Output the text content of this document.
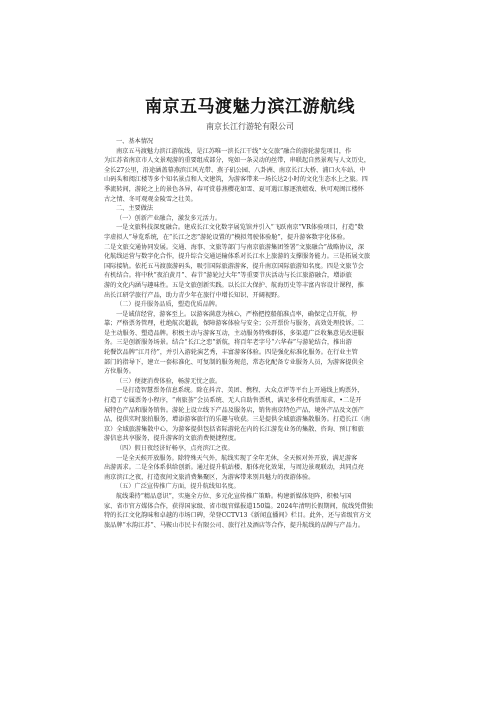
南京五马渡魅力滨江游航线
南京长江行游轮有限公司
一、基本情况
南京五马渡魅力滨江游航线，是江苏唯一滨长江干线“文交旅”融合的游轮游览项目，作
为江苏省南京市人文景观游的重要组成部分，宛如一条灵动的丝带，串联起自然景观与人文历史，
全长27公里，沿途涵盖幕燕滨江风光带、燕子矶公园、八卦洲、南京长江大桥、浦口火车站、中
山码头和阅江楼等多个知名景点和人文建筑，为游客带来一场长达2小时的文化生态水上之旅。四
季流转间，游轮之上的景色各异，春可赏暮燕樱花如雪、夏可遇江豚逐浪嬉戏、秋可观闽江楼怀
古之情、冬可观观金陵雪之壮美。
二、主要做法
（一）创新产业融合，激发多元活力。
一是文旅科技深度融合。建成长江文化数字展览馆并引入“飞跃南京”VR体验项目，打造“数
字虚拟人”导览系统，在“长江之恋”游轮设置的“模拟驾驶体验舱”，提升游客数字化体验。
二是文旅交通协同发展。交通、海事、文旅等部门与南京旅游集团签署“文旅融合”战略协议，深
化航线运营与数字化合作，提升综合交通运输体系对长江水上旅游的支撑服务能力。三是拓展文旅
国际接轨。依托五马渡旅游码头，吸引国际旅游游客，提升南京国际旅游知名度。四是文旅节会
有机结合。将中秋“夜泊黄月”、春节“游轮过大年”等重要节庆活动与长江旅游融合，增添旅
游的文化内涵与趣味性。五是文旅创新实践。以长江大保护、航海历史等丰富内容设计课程，推
出长江研学旅行产品，助力青少年在旅行中增长知识、开阔视野。
（二）提升服务品质，塑造优质品牌。
一是诚信经营，游客至上。以游客满意为核心，严格把控船舶准点率，确保定点开航，停
靠；严格票务管理，杜绝航次超载，保障游客体验与安全；公开票价与服务，高效处理投诉。二
是主动服务、塑造品牌。积极主动与游客互动，主动服务特殊群体，多渠道广泛收集意见改进服
务。三是创新服务场景。结合“长江之恋”新航，将百年老字号“六华春”与游轮结合，推出游
轮餐饮品牌“江月待”，并引入游轮演艺秀，丰富游客体验。四是强化标准化服务。在行业主管
部门的指导下，建立一套标准化、可复制的服务规范，常态化配备专业服务人员，为游客提供全
方位服务。
（三）便捷消费体验，畅游无忧之旅。
一是打造智慧票务信息系统。除在抖音、美团、携程、大众点评等平台上开通线上购票外，
打造了专属票务小程序，“南旅荟”会员系统、无人自助售票机，满足多样化购票需求，•二是开
展特色产品和服务销售。游轮上设立线下产品及服务店，销售南京特色产品，境外产品及文创产
品，提供实时旅拍服务，增添游客旅行的乐趣与收获。三是提供全域旅游集散服务。打造长江（南
京）全域旅游集散中心，为游客提供包括省际游轮在内的长江游览业务的集散、咨询、预订和旅
游信息共享服务，提升游客的文旅消费便捷程度。
（四）假日夜经济好畅享，点亮滨江之夜。
一是全天候开放服务。除特殊天气外，航线实现了全年无休，全天候对外开放，满足游客
出游需求。二是全体系供给创新。通过提升航站楼、船体亮化效果，与周边景观联动，共同点亮
南京滨江之夜，打造夜间文旅消费集聚区，为游客带来别具魅力的夜游体验。
（五）广泛宣传推广方面，提升航线知名度。
航线秉持“精品意识”，实施全方位、多元化宣传推广策略。构建新媒体矩阵，积极与国
家、省市官方媒体合作，获得国家级、省市级官媒报道150篇。2024年清明长假期间，航线凭借独
特的长江文化韵味和卓越的市场口碑，荣登CCTV13《新闻直播间》栏目。此外，还与省级官方文
旅品牌“水韵江苏”、马鞍山市民卡有限公司、旅行社及酒店等合作，提升航线的品牌与产品力。
